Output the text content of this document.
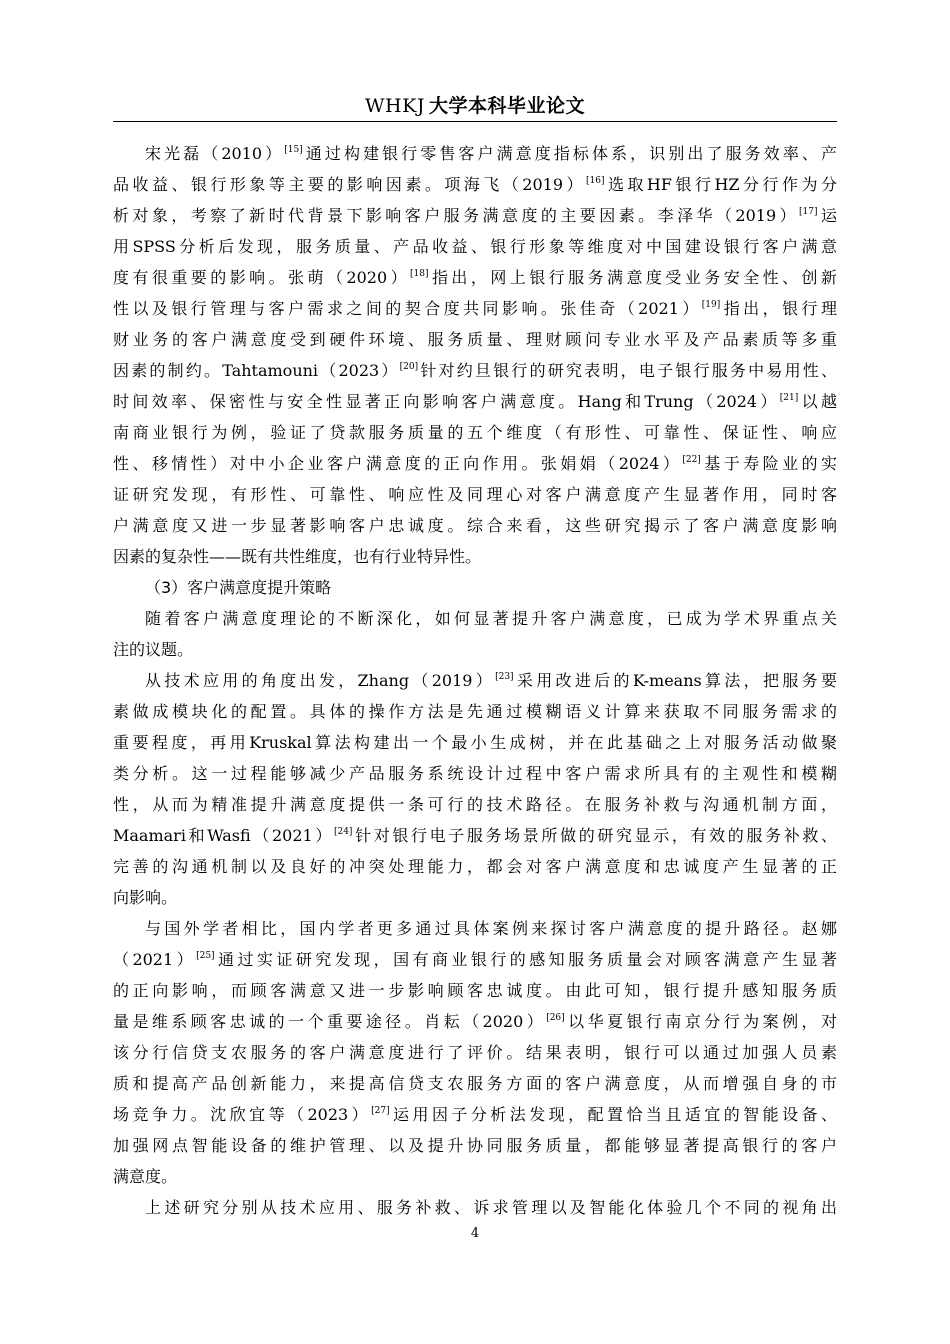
WHKJ 大学本科毕业论文
宋光磊（2010）[15]通过构建银行零售客户满意度指标体系，识别出了服务效率、产
品收益、银行形象等主要的影响因素。项海飞（2019）[16]选取HF银行HZ分行作为分
析对象，考察了新时代背景下影响客户服务满意度的主要因素。李泽华（2019）[17]运
用SPSS分析后发现，服务质量、产品收益、银行形象等维度对中国建设银行客户满意
度有很重要的影响。张萌（2020）[18]指出，网上银行服务满意度受业务安全性、创新
性以及银行管理与客户需求之间的契合度共同影响。张佳奇（2021）[19]指出，银行理
财业务的客户满意度受到硬件环境、服务质量、理财顾问专业水平及产品素质等多重
因素的制约。Tahtamouni（2023）[20]针对约旦银行的研究表明，电子银行服务中易用性、
时间效率、保密性与安全性显著正向影响客户满意度。Hang和Trung（2024）[21]以越
南商业银行为例，验证了贷款服务质量的五个维度（有形性、可靠性、保证性、响应
性、移情性）对中小企业客户满意度的正向作用。张娟娟（2024）[22]基于寿险业的实
证研究发现，有形性、可靠性、响应性及同理心对客户满意度产生显著作用，同时客
户满意度又进一步显著影响客户忠诚度。综合来看，这些研究揭示了客户满意度影响
因素的复杂性——既有共性维度，也有行业特异性。
（3）客户满意度提升策略
随着客户满意度理论的不断深化，如何显著提升客户满意度，已成为学术界重点关
注的议题。
从技术应用的角度出发，Zhang（2019）[23]采用改进后的K-means算法，把服务要
素做成模块化的配置。具体的操作方法是先通过模糊语义计算来获取不同服务需求的
重要程度，再用Kruskal算法构建出一个最小生成树，并在此基础之上对服务活动做聚
类分析。这一过程能够减少产品服务系统设计过程中客户需求所具有的主观性和模糊
性，从而为精准提升满意度提供一条可行的技术路径。在服务补救与沟通机制方面，
Maamari和Wasfi（2021）[24]针对银行电子服务场景所做的研究显示，有效的服务补救、
完善的沟通机制以及良好的冲突处理能力，都会对客户满意度和忠诚度产生显著的正
向影响。
与国外学者相比，国内学者更多通过具体案例来探讨客户满意度的提升路径。赵娜
（2021）[25]通过实证研究发现，国有商业银行的感知服务质量会对顾客满意产生显著
的正向影响，而顾客满意又进一步影响顾客忠诚度。由此可知，银行提升感知服务质
量是维系顾客忠诚的一个重要途径。肖耘（2020）[26]以华夏银行南京分行为案例，对
该分行信贷支农服务的客户满意度进行了评价。结果表明，银行可以通过加强人员素
质和提高产品创新能力，来提高信贷支农服务方面的客户满意度，从而增强自身的市
场竞争力。沈欣宜等（2023）[27]运用因子分析法发现，配置恰当且适宜的智能设备、
加强网点智能设备的维护管理、以及提升协同服务质量，都能够显著提高银行的客户
满意度。
上述研究分别从技术应用、服务补救、诉求管理以及智能化体验几个不同的视角出
4
